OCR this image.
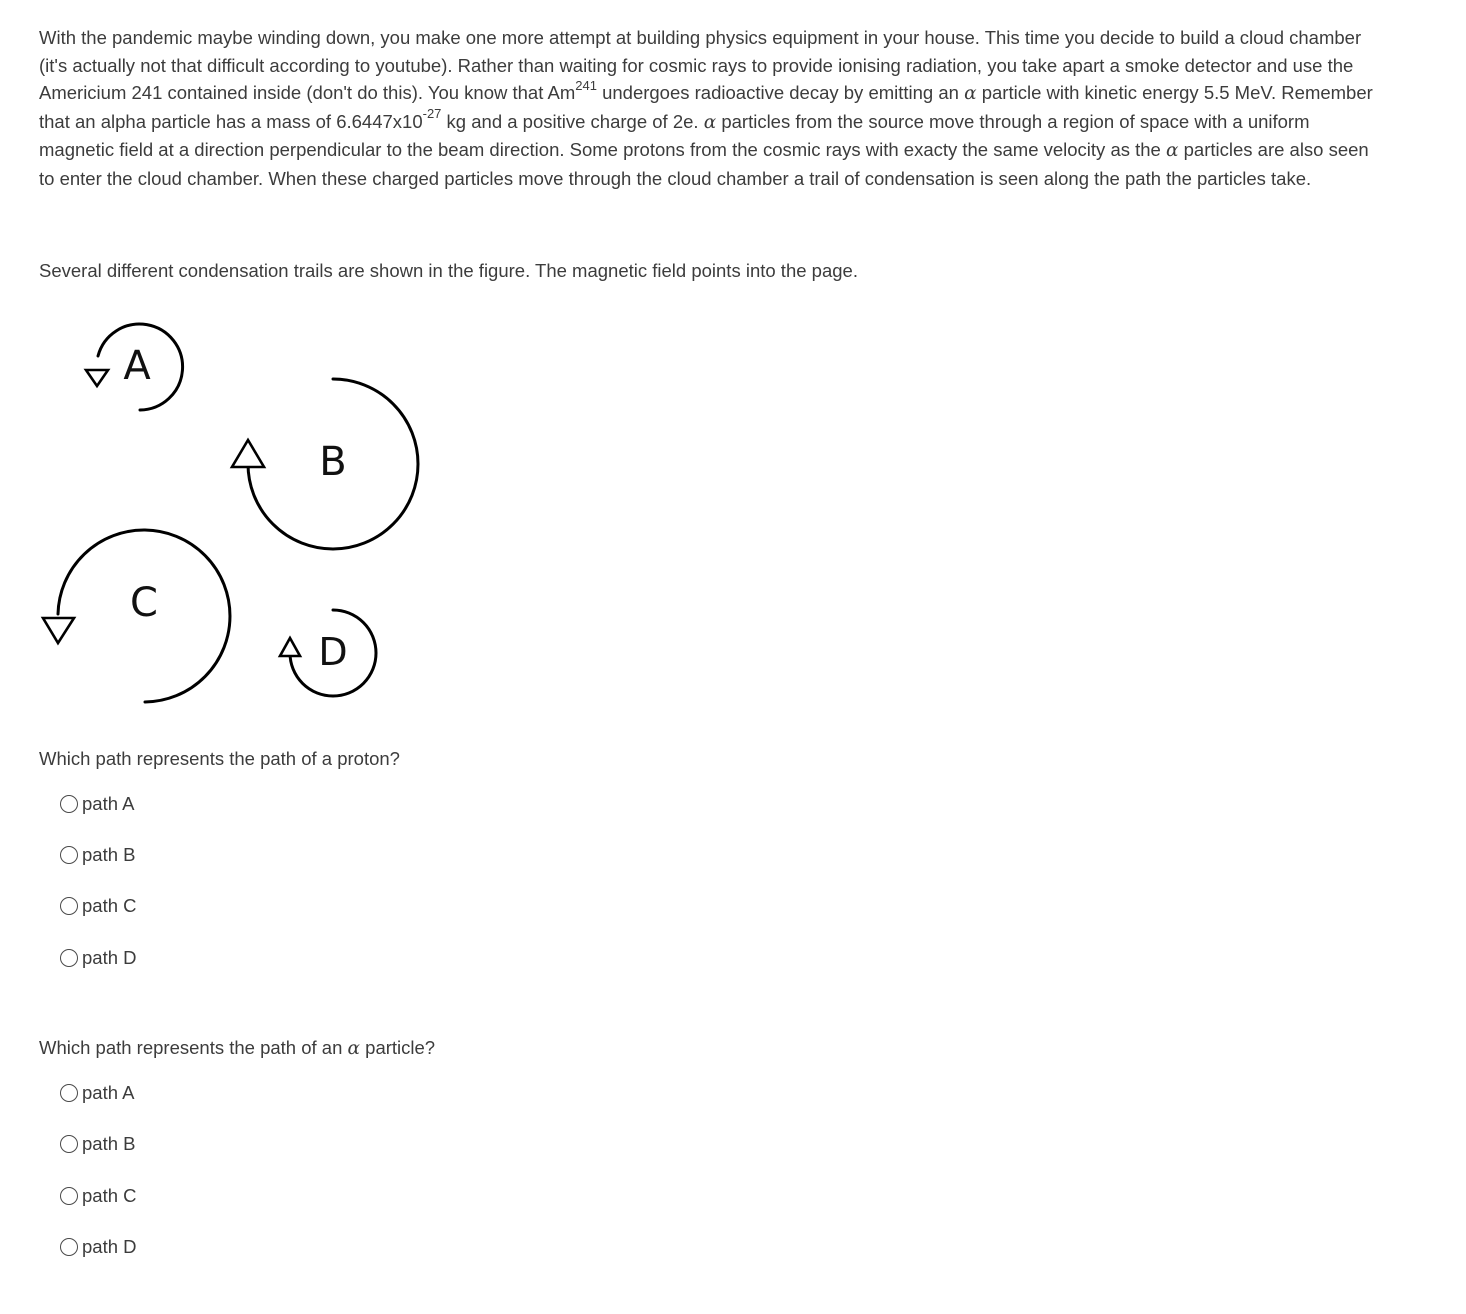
With the pandemic maybe winding down, you make one more attempt at building physics equipment in your house. This time you decide to build a cloud chamber (it's actually not that difficult according to youtube). Rather than waiting for cosmic rays to provide ionising radiation, you take apart a smoke detector and use the Americium 241 contained inside (don't do this). You know that Am$^{241}$ undergoes radioactive decay by emitting an α particle with kinetic energy 5.5 MeV. Remember that an alpha particle has a mass of $6.6447x10^{-27}$ kg and a positive charge of 2e. α particles from the source move through a region of space with a uniform magnetic field at a direction perpendicular to the beam direction. Some protons from the cosmic rays with exacty the same velocity as the α particles are also seen to enter the cloud chamber. When these charged particles move through the cloud chamber a trail of condensation is seen along the path the particles take.

Several different condensation trails are shown in the figure. The magnetic field points into the page.

A
B
C
D

Which path represents the path of a proton?

path A
path B
path C
path D

Which path represents the path of an α particle?

path A
path B
path C
path D
